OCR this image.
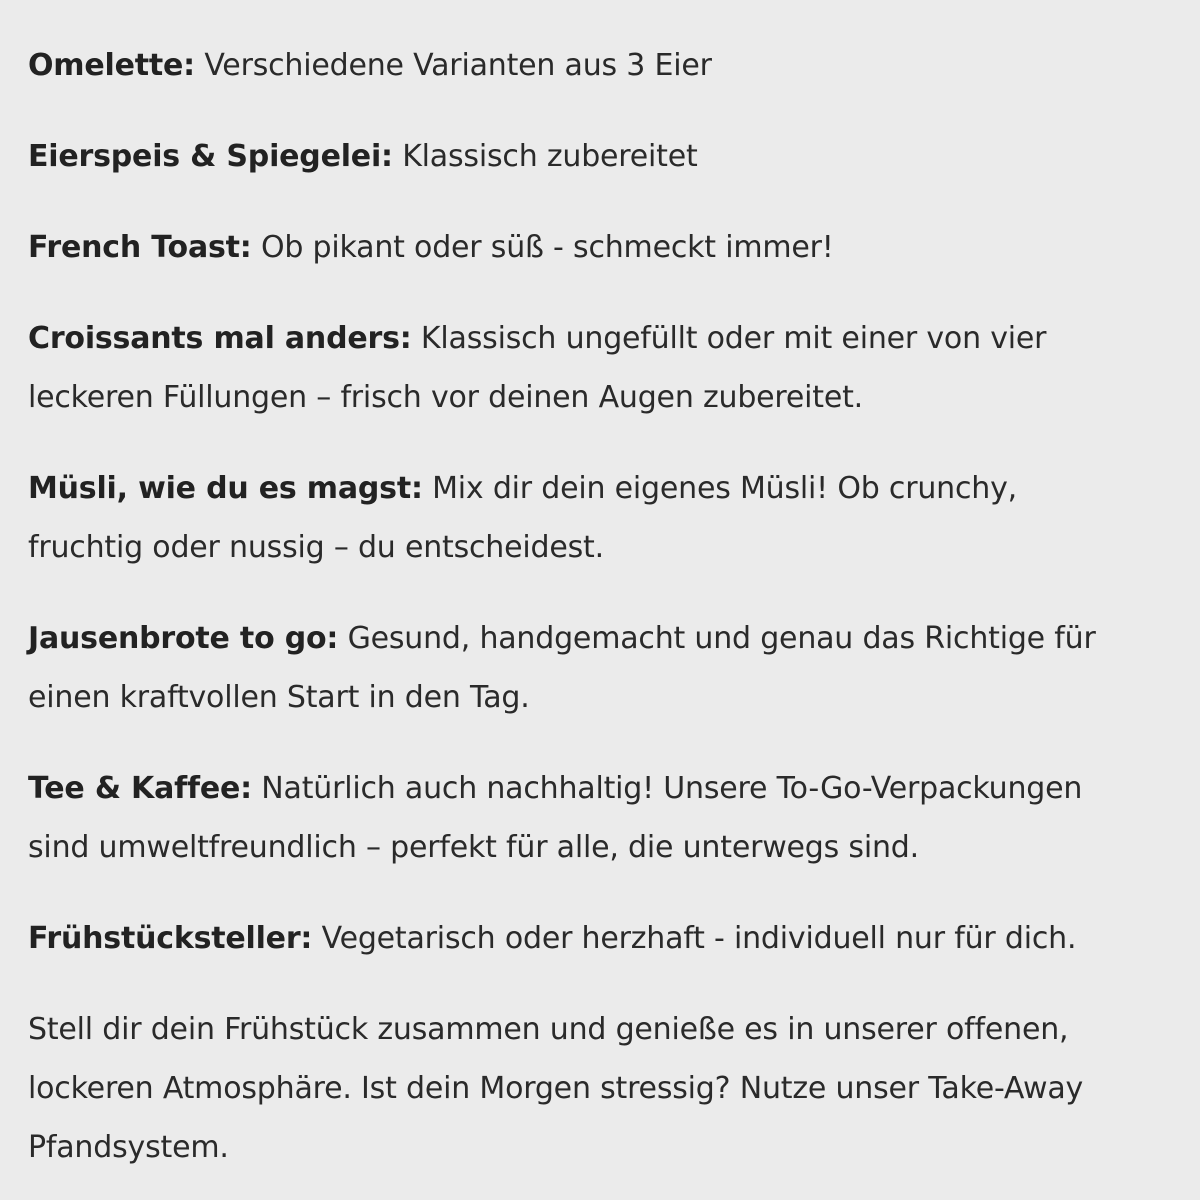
Omelette: Verschiedene Varianten aus 3 Eier

Eierspeis & Spiegelei: Klassisch zubereitet

French Toast: Ob pikant oder süß - schmeckt immer!

Croissants mal anders: Klassisch ungefüllt oder mit einer von vier leckeren Füllungen – frisch vor deinen Augen zubereitet.

Müsli, wie du es magst: Mix dir dein eigenes Müsli! Ob crunchy, fruchtig oder nussig – du entscheidest.

Jausenbrote to go: Gesund, handgemacht und genau das Richtige für einen kraftvollen Start in den Tag.

Tee & Kaffee: Natürlich auch nachhaltig! Unsere To-Go-Verpackungen sind umweltfreundlich – perfekt für alle, die unterwegs sind.

Frühstücksteller: Vegetarisch oder herzhaft - individuell nur für dich.

Stell dir dein Frühstück zusammen und genieße es in unserer offenen, lockeren Atmosphäre. Ist dein Morgen stressig? Nutze unser Take-Away Pfandsystem.
